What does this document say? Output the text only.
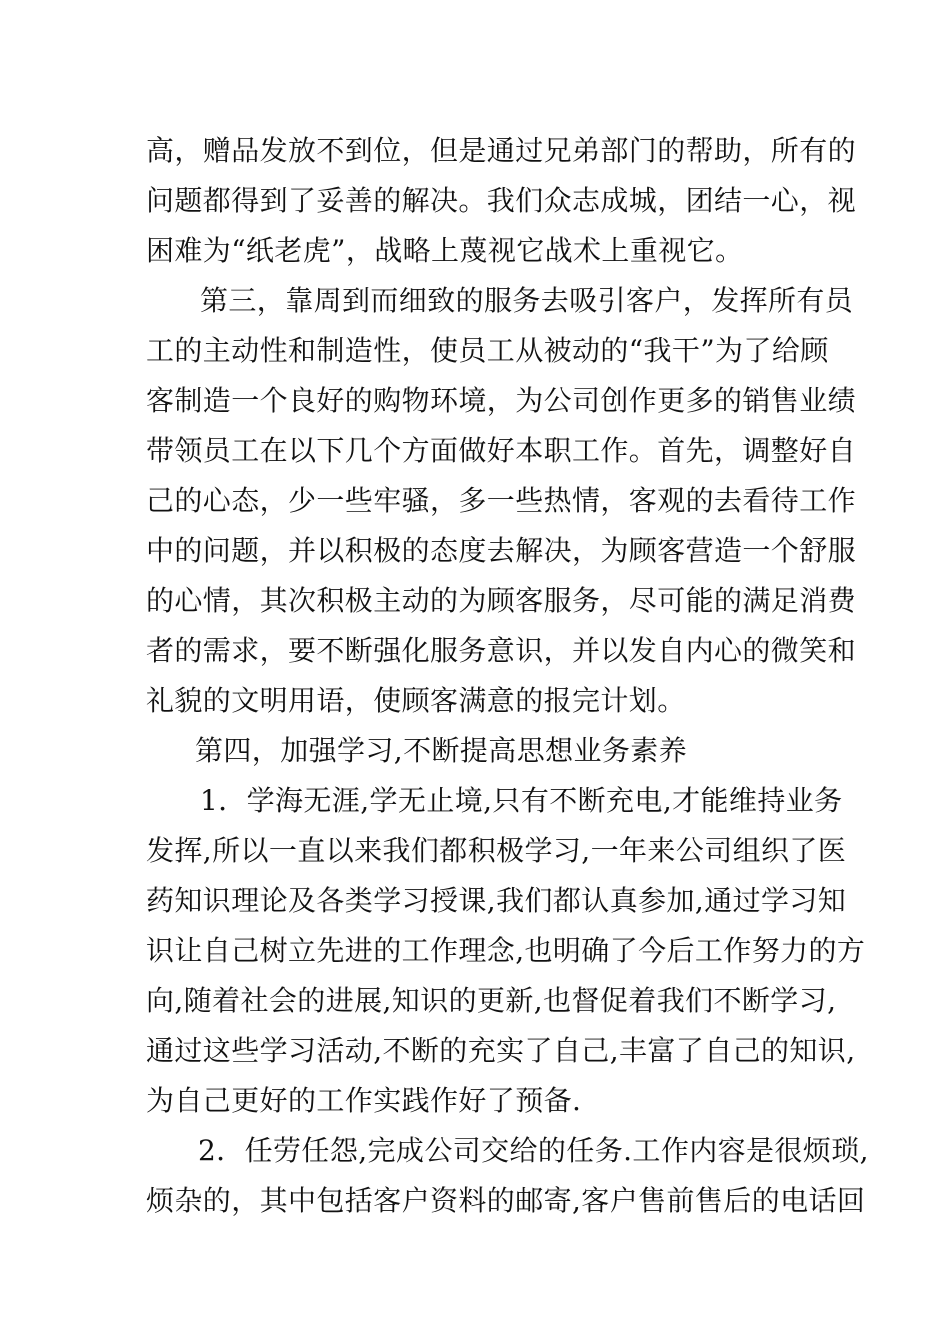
高，赠品发放不到位，但是通过兄弟部门的帮助，所有的
问题都得到了妥善的解决。我们众志成城，团结一心，视
困难为“纸老虎”，战略上蔑视它战术上重视它。
第三，靠周到而细致的服务去吸引客户，发挥所有员
工的主动性和制造性，使员工从被动的“我干”为了给顾
客制造一个良好的购物环境，为公司创作更多的销售业绩
带领员工在以下几个方面做好本职工作。首先，调整好自
己的心态，少一些牢骚，多一些热情，客观的去看待工作
中的问题，并以积极的态度去解决，为顾客营造一个舒服
的心情，其次积极主动的为顾客服务，尽可能的满足消费
者的需求，要不断强化服务意识，并以发自内心的微笑和
礼貌的文明用语，使顾客满意的报完计划。
第四，加强学习,不断提高思想业务素养
1．学海无涯,学无止境,只有不断充电,才能维持业务
发挥,所以一直以来我们都积极学习,一年来公司组织了医
药知识理论及各类学习授课,我们都认真参加,通过学习知
识让自己树立先进的工作理念,也明确了今后工作努力的方
向,随着社会的进展,知识的更新,也督促着我们不断学习,
通过这些学习活动,不断的充实了自己,丰富了自己的知识,
为自己更好的工作实践作好了预备.
2．任劳任怨,完成公司交给的任务.工作内容是很烦琐,
烦杂的，其中包括客户资料的邮寄,客户售前售后的电话回
